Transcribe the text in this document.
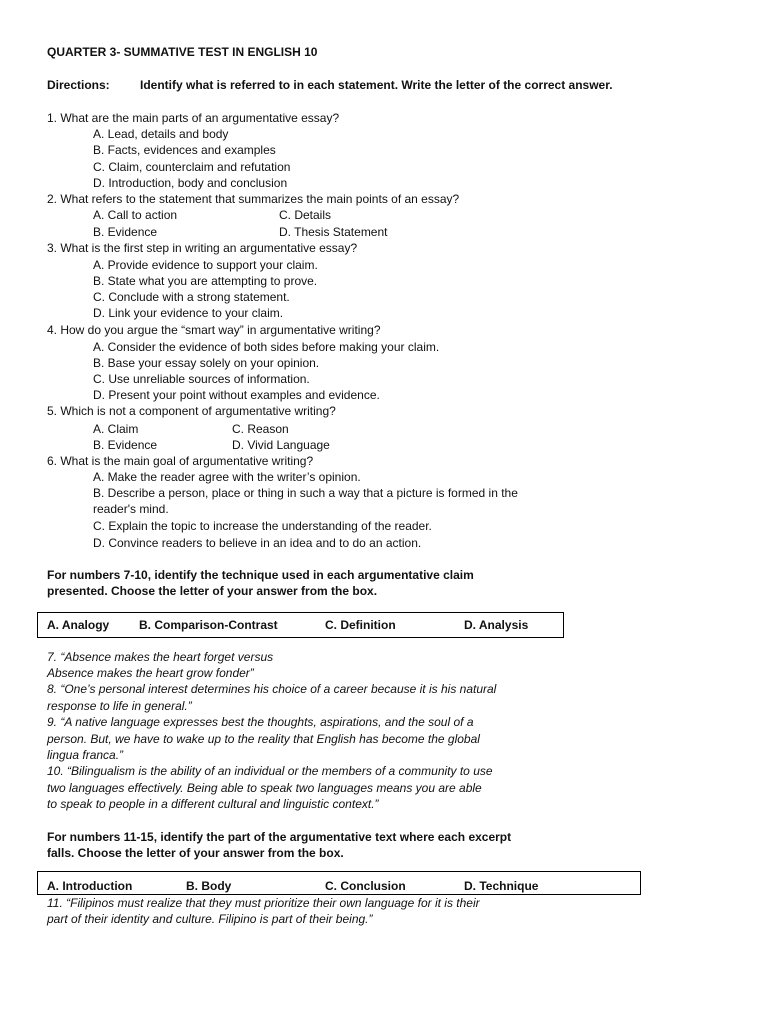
QUARTER 3- SUMMATIVE TEST IN ENGLISH 10
Directions:	Identify what is referred to in each statement. Write the letter of the correct answer.
1. What are the main parts of an argumentative essay?
A. Lead, details and body
B. Facts, evidences and examples
C. Claim, counterclaim and refutation
D. Introduction, body and conclusion
2. What refers to the statement that summarizes the main points of an essay?
A. Call to action	C. Details
B. Evidence	D. Thesis Statement
3. What is the first step in writing an argumentative essay?
A. Provide evidence to support your claim.
B. State what you are attempting to prove.
C. Conclude with a strong statement.
D. Link your evidence to your claim.
4. How do you argue the “smart way” in argumentative writing?
A. Consider the evidence of both sides before making your claim.
B. Base your essay solely on your opinion.
C. Use unreliable sources of information.
D. Present your point without examples and evidence.
5. Which is not a component of argumentative writing?
A. Claim	C. Reason
B. Evidence	D. Vivid Language
6. What is the main goal of argumentative writing?
A. Make the reader agree with the writer’s opinion.
B. Describe a person, place or thing in such a way that a picture is formed in the
reader's mind.
C. Explain the topic to increase the understanding of the reader.
D. Convince readers to believe in an idea and to do an action.
For numbers 7-10, identify the technique used in each argumentative claim
presented. Choose the letter of your answer from the box.
A. Analogy B. Comparison-Contrast	C. Definition	D. Analysis
7. “Absence makes the heart forget versus
Absence makes the heart grow fonder”
8. “One’s personal interest determines his choice of a career because it is his natural
response to life in general.”
9. “A native language expresses best the thoughts, aspirations, and the soul of a
person. But, we have to wake up to the reality that English has become the global
lingua franca.”
10. “Bilingualism is the ability of an individual or the members of a community to use
two languages effectively. Being able to speak two languages means you are able
to speak to people in a different cultural and linguistic context.”
For numbers 11-15, identify the part of the argumentative text where each excerpt
falls. Choose the letter of your answer from the box.
A. Introduction	B. Body	C. Conclusion	D. Technique
11. “Filipinos must realize that they must prioritize their own language for it is their
part of their identity and culture. Filipino is part of their being.”
